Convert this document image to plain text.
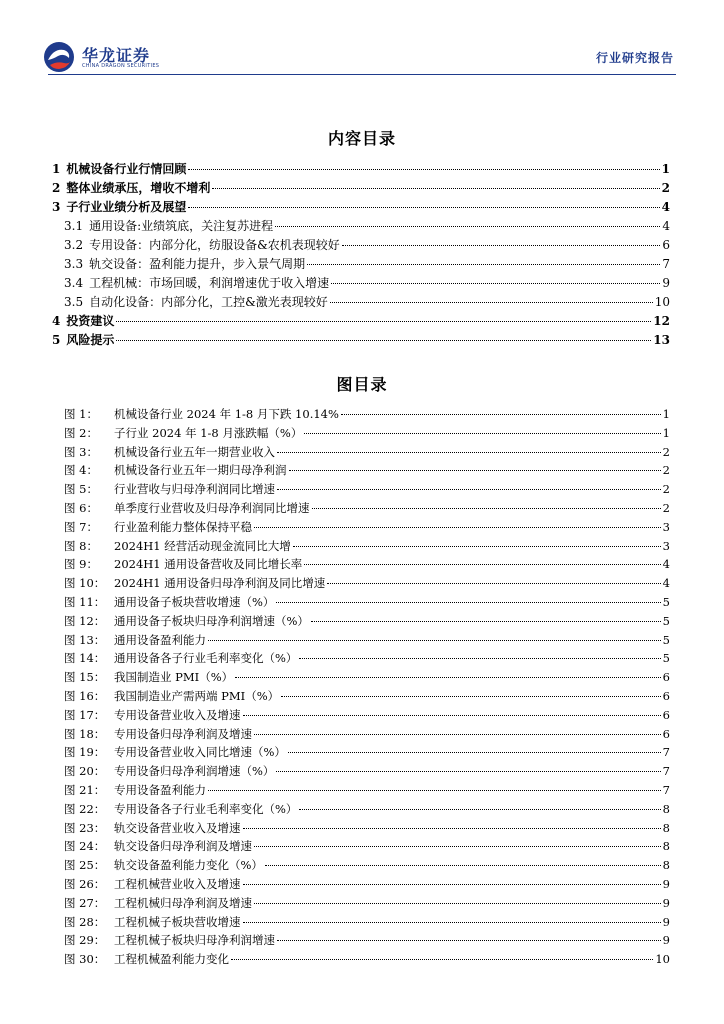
华龙证券
CHINA DRAGON SECURITIES
行业研究报告
内容目录
1 机械设备行业行情回顾	1
2 整体业绩承压，增收不增利	2
3 子行业业绩分析及展望	4
3.1 通用设备:业绩筑底，关注复苏进程	4
3.2 专用设备：内部分化，纺服设备&农机表现较好	6
3.3 轨交设备：盈利能力提升，步入景气周期	7
3.4 工程机械：市场回暖，利润增速优于收入增速	9
3.5 自动化设备：内部分化，工控&激光表现较好	10
4 投资建议	12
5 风险提示	13
图目录
图 1：	机械设备行业 2024 年 1-8 月下跌 10.14%	1
图 2：	子行业 2024 年 1-8 月涨跌幅（%）	1
图 3：	机械设备行业五年一期营业收入	2
图 4：	机械设备行业五年一期归母净利润	2
图 5：	行业营收与归母净利润同比增速	2
图 6：	单季度行业营收及归母净利润同比增速	2
图 7：	行业盈利能力整体保持平稳	3
图 8：	2024H1 经营活动现金流同比大增	3
图 9：	2024H1 通用设备营收及同比增长率	4
图 10： 2024H1 通用设备归母净利润及同比增速	4
图 11： 通用设备子板块营收增速（%）	5
图 12： 通用设备子板块归母净利润增速（%）	5
图 13： 通用设备盈利能力	5
图 14： 通用设备各子行业毛利率变化（%）	5
图 15： 我国制造业 PMI（%）	6
图 16： 我国制造业产需两端 PMI（%）	6
图 17： 专用设备营业收入及增速	6
图 18： 专用设备归母净利润及增速	6
图 19： 专用设备营业收入同比增速（%）	7
图 20： 专用设备归母净利润增速（%）	7
图 21： 专用设备盈利能力	7
图 22： 专用设备各子行业毛利率变化（%）	8
图 23： 轨交设备营业收入及增速	8
图 24： 轨交设备归母净利润及增速	8
图 25： 轨交设备盈利能力变化（%）	8
图 26： 工程机械营业收入及增速	9
图 27： 工程机械归母净利润及增速	9
图 28： 工程机械子板块营收增速	9
图 29： 工程机械子板块归母净利润增速	9
图 30： 工程机械盈利能力变化	10
